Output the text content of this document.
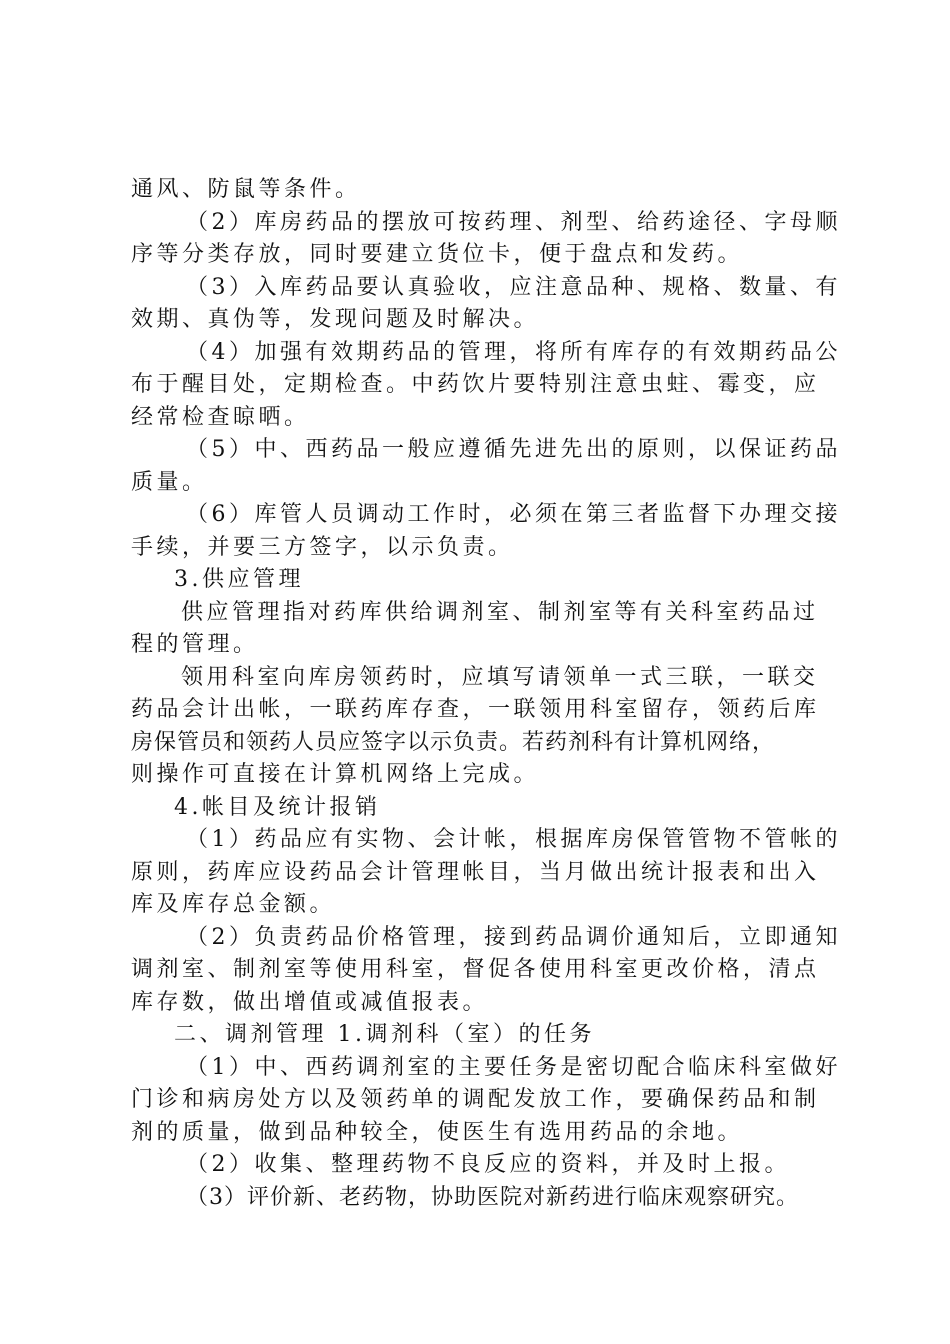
通风、防鼠等条件。
（2）库房药品的摆放可按药理、剂型、给药途径、字母顺
序等分类存放，同时要建立货位卡，便于盘点和发药。
（3）入库药品要认真验收，应注意品种、规格、数量、有
效期、真伪等，发现问题及时解决。
（4）加强有效期药品的管理，将所有库存的有效期药品公
布于醒目处，定期检查。中药饮片要特别注意虫蛀、霉变，应
经常检查晾晒。
（5）中、西药品一般应遵循先进先出的原则，以保证药品
质量。
（6）库管人员调动工作时，必须在第三者监督下办理交接
手续，并要三方签字，以示负责。
3.供应管理
供应管理指对药库供给调剂室、制剂室等有关科室药品过
程的管理。
领用科室向库房领药时，应填写请领单一式三联，一联交
药品会计出帐，一联药库存查，一联领用科室留存，领药后库
房保管员和领药人员应签字以示负责。若药剂科有计算机网络，
则操作可直接在计算机网络上完成。
4.帐目及统计报销
（1）药品应有实物、会计帐，根据库房保管管物不管帐的
原则，药库应设药品会计管理帐目，当月做出统计报表和出入
库及库存总金额。
（2）负责药品价格管理，接到药品调价通知后，立即通知
调剂室、制剂室等使用科室，督促各使用科室更改价格，清点
库存数，做出增值或减值报表。
二、调剂管理 1.调剂科（室）的任务
（1）中、西药调剂室的主要任务是密切配合临床科室做好
门诊和病房处方以及领药单的调配发放工作，要确保药品和制
剂的质量，做到品种较全，使医生有选用药品的余地。
（2）收集、整理药物不良反应的资料，并及时上报。
（3）评价新、老药物，协助医院对新药进行临床观察研究。
